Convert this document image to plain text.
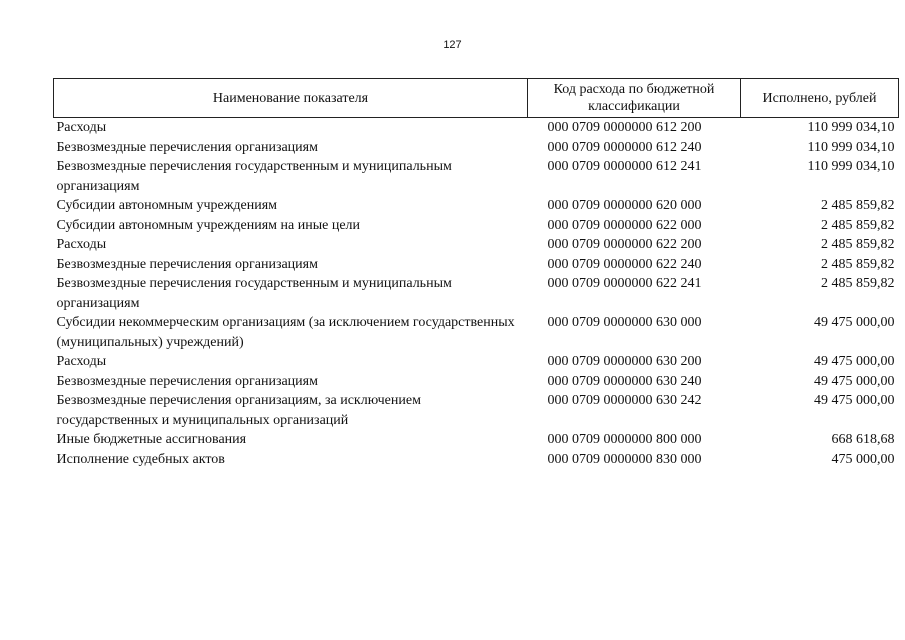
127
Наименование показателя	Код расхода по бюджетной классификации	Исполнено, рублей
Расходы	000 0709 0000000 612 200	110 999 034,10
Безвозмездные перечисления организациям	000 0709 0000000 612 240	110 999 034,10
Безвозмездные перечисления государственным и муниципальным организациям	000 0709 0000000 612 241	110 999 034,10
Субсидии автономным учреждениям	000 0709 0000000 620 000	2 485 859,82
Субсидии автономным учреждениям на иные цели	000 0709 0000000 622 000	2 485 859,82
Расходы	000 0709 0000000 622 200	2 485 859,82
Безвозмездные перечисления организациям	000 0709 0000000 622 240	2 485 859,82
Безвозмездные перечисления государственным и муниципальным организациям	000 0709 0000000 622 241	2 485 859,82
Субсидии некоммерческим организациям (за исключением государственных (муниципальных) учреждений)	000 0709 0000000 630 000	49 475 000,00
Расходы	000 0709 0000000 630 200	49 475 000,00
Безвозмездные перечисления организациям	000 0709 0000000 630 240	49 475 000,00
Безвозмездные перечисления организациям, за исключением государственных и муниципальных организаций	000 0709 0000000 630 242	49 475 000,00
Иные бюджетные ассигнования	000 0709 0000000 800 000	668 618,68
Исполнение судебных актов	000 0709 0000000 830 000	475 000,00
